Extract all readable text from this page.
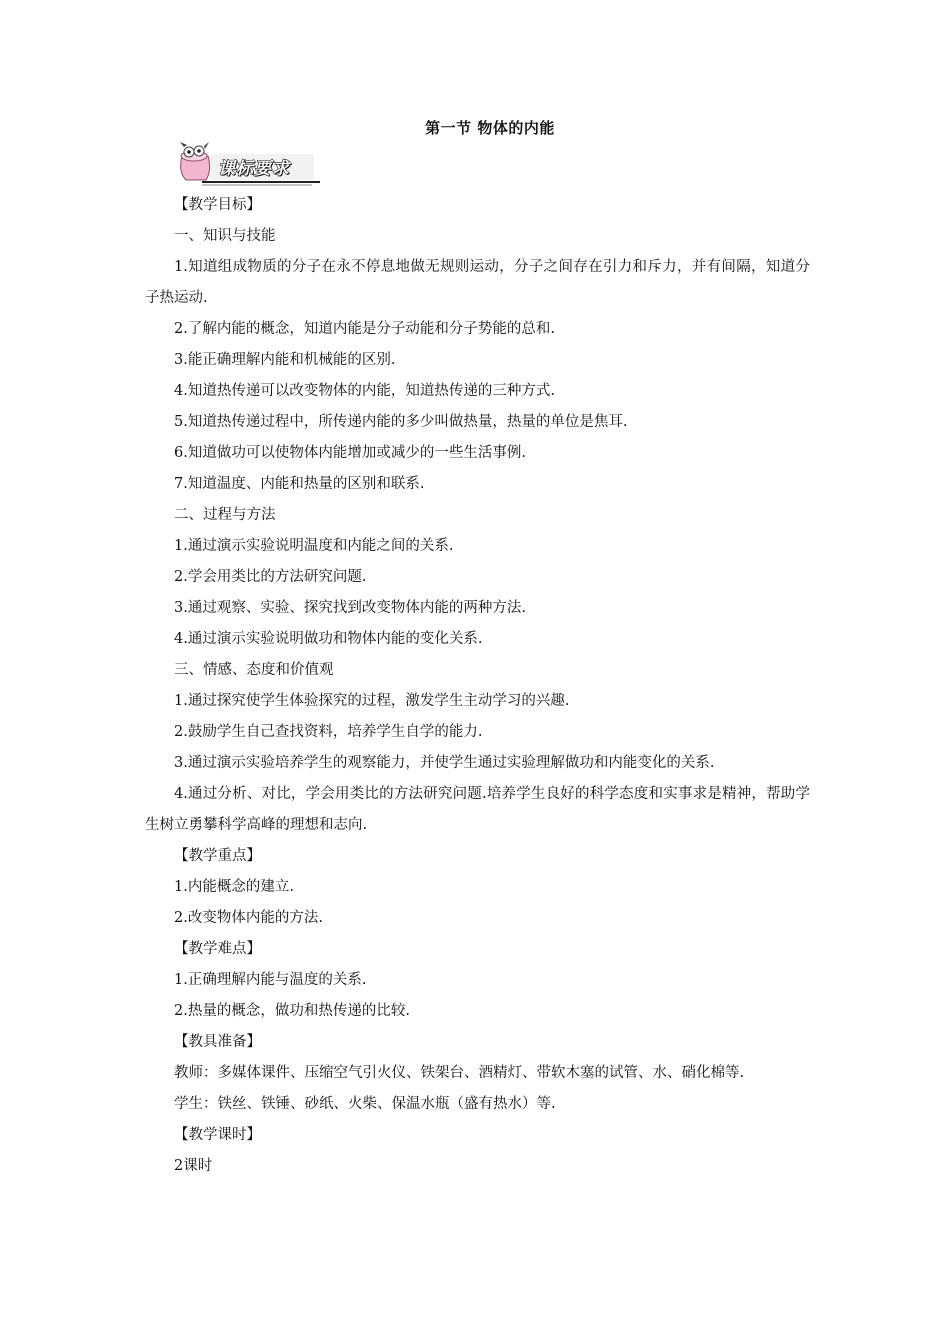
第一节 物体的内能
课标要求
【教学目标】
一、知识与技能
1.知道组成物质的分子在永不停息地做无规则运动，分子之间存在引力和斥力，并有间隔，知道分子热运动.
2.了解内能的概念，知道内能是分子动能和分子势能的总和.
3.能正确理解内能和机械能的区别.
4.知道热传递可以改变物体的内能，知道热传递的三种方式.
5.知道热传递过程中，所传递内能的多少叫做热量，热量的单位是焦耳.
6.知道做功可以使物体内能增加或减少的一些生活事例.
7.知道温度、内能和热量的区别和联系.
二、过程与方法
1.通过演示实验说明温度和内能之间的关系.
2.学会用类比的方法研究问题.
3.通过观察、实验、探究找到改变物体内能的两种方法.
4.通过演示实验说明做功和物体内能的变化关系.
三、情感、态度和价值观
1.通过探究使学生体验探究的过程，激发学生主动学习的兴趣.
2.鼓励学生自己查找资料，培养学生自学的能力.
3.通过演示实验培养学生的观察能力，并使学生通过实验理解做功和内能变化的关系.
4.通过分析、对比，学会用类比的方法研究问题.培养学生良好的科学态度和实事求是精神，帮助学生树立勇攀科学高峰的理想和志向.
【教学重点】
1.内能概念的建立.
2.改变物体内能的方法.
【教学难点】
1.正确理解内能与温度的关系.
2.热量的概念，做功和热传递的比较.
【教具准备】
教师：多媒体课件、压缩空气引火仪、铁架台、酒精灯、带软木塞的试管、水、硝化棉等.
学生：铁丝、铁锤、砂纸、火柴、保温水瓶（盛有热水）等.
【教学课时】
2课时
